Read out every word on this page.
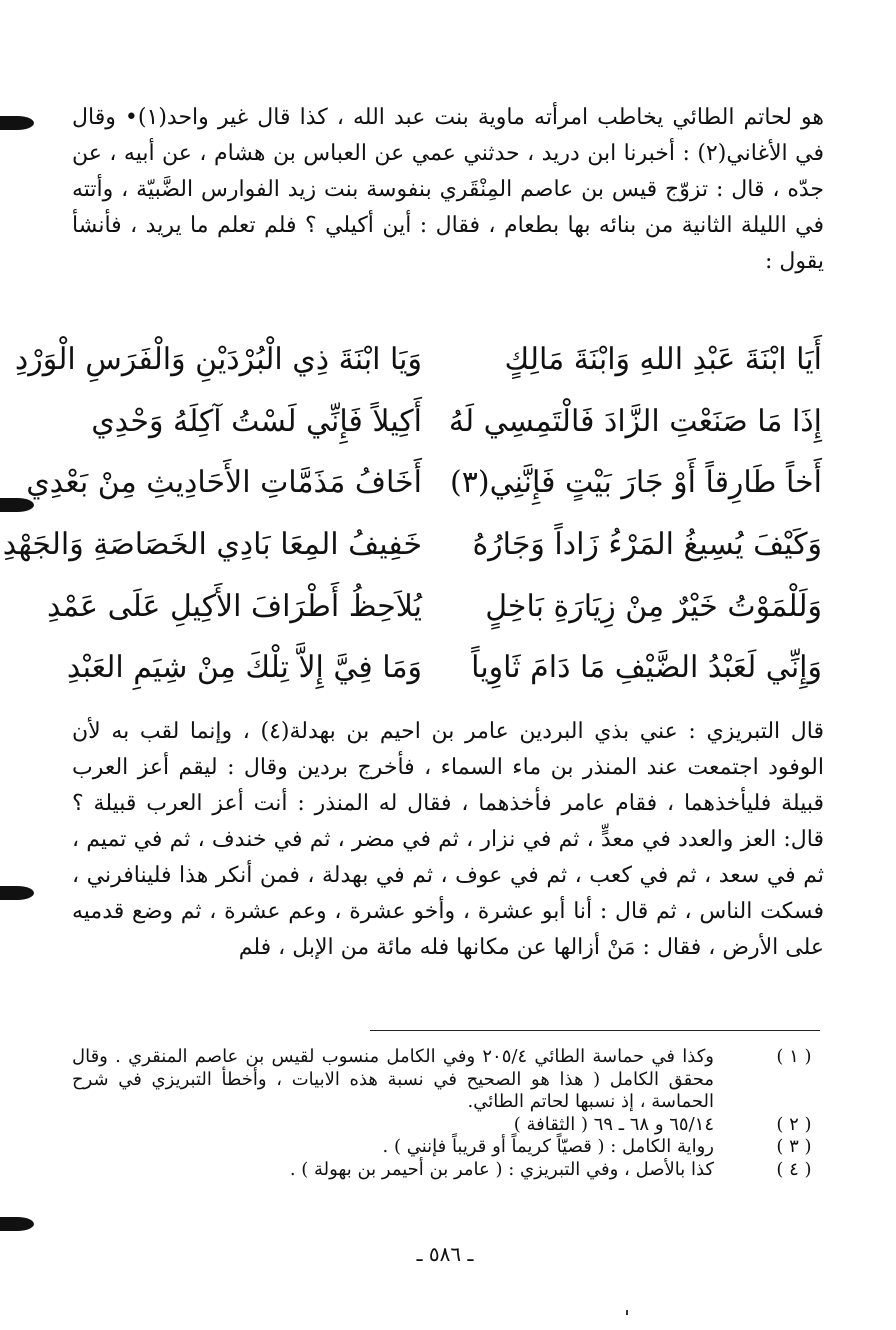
هو لحاتم الطائي يخاطب امرأته ماوية بنت عبد الله ، كذا قال غير واحد(١)• وقال في الأغاني(٢) : أخبرنا ابن دريد ، حدثني عمي عن العباس بن هشام ، عن أبيه ، عن جدّه ، قال : تزوّج قيس بن عاصم المِنْقَري بنفوسة بنت زيد الفوارس الضَّبيّة ، وأتته في الليلة الثانية من بنائه بها بطعام ، فقال : أين أكيلي ؟ فلم تعلم ما يريد ، فأنشأ يقول :

أَيَا ابْنَةَ عَبْدِ اللهِ وَابْنَةَ مَالِكٍ
وَيَا ابْنَةَ ذِي الْبُرْدَيْنِ وَالْفَرَسِ الْوَرْدِ
إِذَا مَا صَنَعْتِ الزَّادَ فَالْتَمِسِي لَهُ
أَكِيلاً فَإِنِّي لَسْتُ آكِلَهُ وَحْدِي
أَخاً طَارِقاً أَوْ جَارَ بَيْتٍ فَإِنَّنِي(٣)
أَخَافُ مَذَمَّاتِ الأَحَادِيثِ مِنْ بَعْدِي
وَكَيْفَ يُسِيغُ المَرْءُ زَاداً وَجَارُهُ
خَفِيفُ المِعَا بَادِي الخَصَاصَةِ وَالجَهْدِ
وَلَلْمَوْتُ خَيْرٌ مِنْ زِيَارَةِ بَاخِلٍ
يُلاَحِظُ أَطْرَافَ الأَكِيلِ عَلَى عَمْدِ
وَإِنِّي لَعَبْدُ الضَّيْفِ مَا دَامَ ثَاوِياً
وَمَا فِيَّ إِلاَّ تِلْكَ مِنْ شِيَمِ العَبْدِ

قال التبريزي : عني بذي البردين عامر بن احيم بن بهدلة(٤) ، وإنما لقب به لأن الوفود اجتمعت عند المنذر بن ماء السماء ، فأخرج بردين وقال : ليقم أعز العرب قبيلة فليأخذهما ، فقام عامر فأخذهما ، فقال له المنذر : أنت أعز العرب قبيلة ؟ قال: العز والعدد في معدٍّ ، ثم في نزار ، ثم في مضر ، ثم في خندف ، ثم في تميم ، ثم في سعد ، ثم في كعب ، ثم في عوف ، ثم في بهدلة ، فمن أنكر هذا فلينافرني ، فسكت الناس ، ثم قال : أنا أبو عشرة ، وأخو عشرة ، وعم عشرة ، ثم وضع قدميه على الأرض ، فقال : مَنْ أزالها عن مكانها فله مائة من الإبل ، فلم

( ١ )
وكذا في حماسة الطائي ٢٠٥/٤ وفي الكامل منسوب لقيس بن عاصم المنقري . وقال محقق الكامل ( هذا هو الصحيح في نسبة هذه الابيات ، وأخطأ التبريزي في شرح الحماسة ، إذ نسبها لحاتم الطائي.
( ٢ )
٦٥/١٤ و ٦٨ ـ ٦٩ ( الثقافة )
( ٣ )
رواية الكامل : ( قصيّاً كريماً أو قريباً فإنني ) .
( ٤ )
كذا بالأصل ، وفي التبريزي : ( عامر بن أحيمر بن بهولة ) .
ـ ٥٨٦ ـ
